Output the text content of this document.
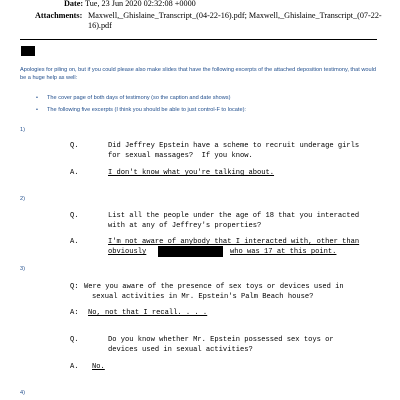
Date: Tue, 23 Jun 2020 02:32:08 +0000
Attachments: Maxwell,_Ghislaine_Transcript_(04-22-16).pdf; Maxwell,_Ghislaine_Transcript_(07-22-
16).pdf
Apologies for piling on, but if you could please also make slides that have the following excerpts of the attached deposition testimony, that would be a huge help as well:
• The cover page of both days of testimony (so the caption and date shows)
• The following five excerpts (I think you should be able to just control-F to locate):
1)
Q.	Did Jeffrey Epstein have a scheme to recruit underage girls
for sexual massages?  If you know.
A.	I don't know what you're talking about.
2)
Q.	List all the people under the age of 18 that you interacted
with at any of Jeffrey's properties?
A.	I'm not aware of anybody that I interacted with, other than
obviously	who was 17 at this point.
3)
Q: Were you aware of the presence of sex toys or devices used in
sexual activities in Mr. Epstein's Palm Beach house?
A: No, not that I recall. . . .
Q.	Do you know whether Mr. Epstein possessed sex toys or
devices used in sexual activities?
A. No.
4)
